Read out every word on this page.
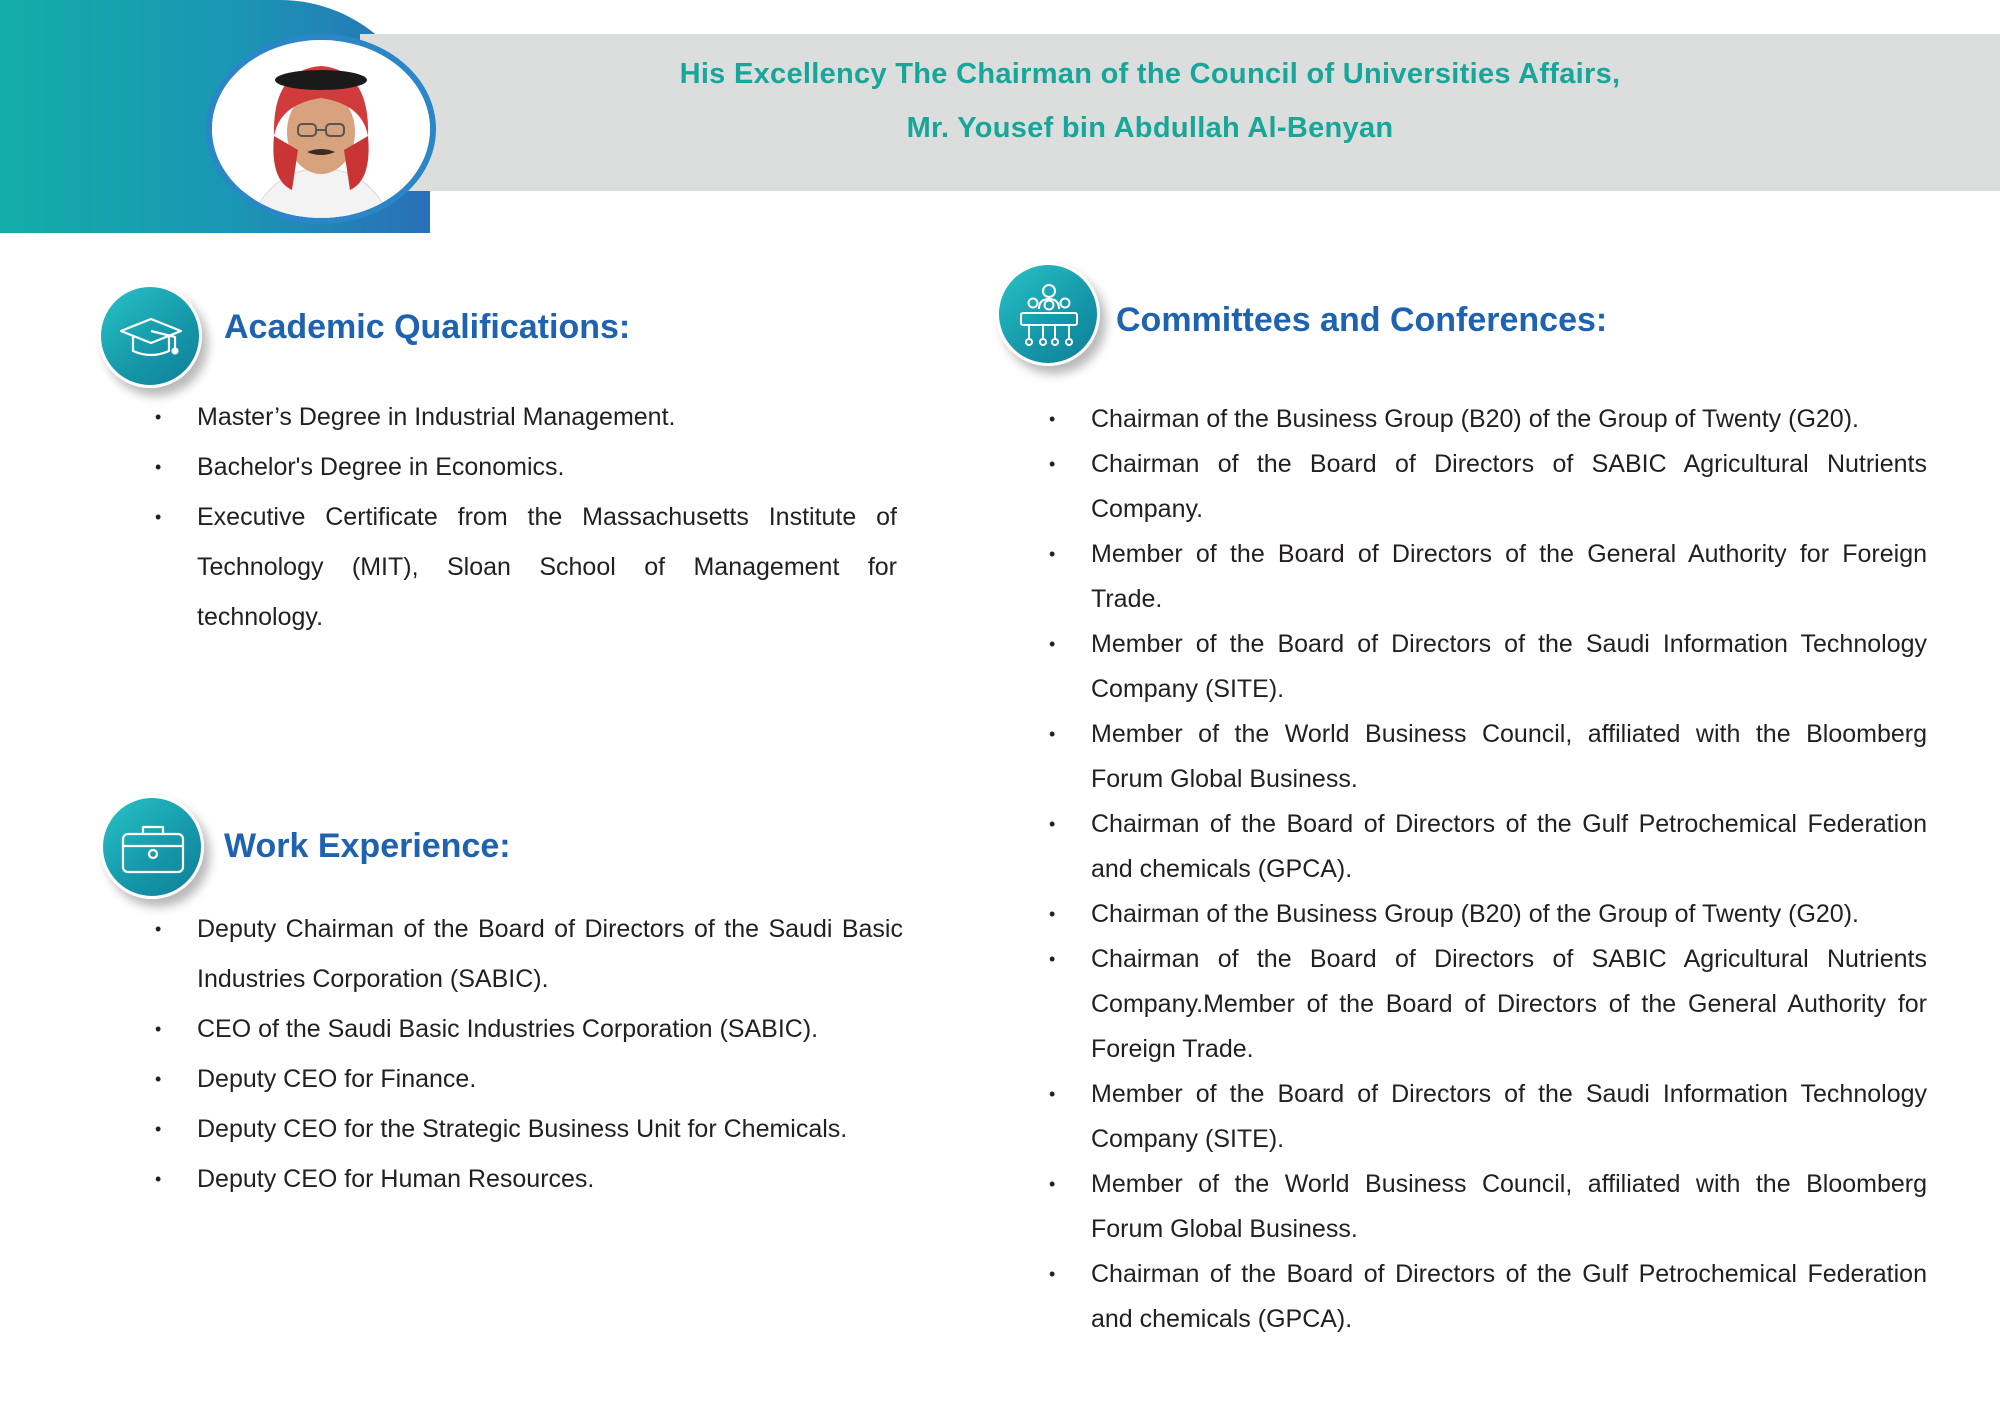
His Excellency The Chairman of the Council of Universities Affairs,
Mr. Yousef bin Abdullah Al-Benyan
Academic Qualifications:
• Master’s Degree in Industrial Management.
• Bachelor's Degree in Economics.
• Executive Certificate from the Massachusetts Institute of Technology (MIT), Sloan School of Management for technology.
Work Experience:
• Deputy Chairman of the Board of Directors of the Saudi Basic Industries Corporation (SABIC).
• CEO of the Saudi Basic Industries Corporation (SABIC).
• Deputy CEO for Finance.
• Deputy CEO for the Strategic Business Unit for Chemicals.
• Deputy CEO for Human Resources.
Committees and Conferences:
• Chairman of the Business Group (B20) of the Group of Twenty (G20).
• Chairman of the Board of Directors of SABIC Agricultural Nutrients Company.
• Member of the Board of Directors of the General Authority for Foreign Trade.
• Member of the Board of Directors of the Saudi Information Technology Company (SITE).
• Member of the World Business Council, affiliated with the Bloomberg Forum Global Business.
• Chairman of the Board of Directors of the Gulf Petrochemical Federation and chemicals (GPCA).
• Chairman of the Business Group (B20) of the Group of Twenty (G20).
• Chairman of the Board of Directors of SABIC Agricultural Nutrients Company.Member of the Board of Directors of the General Authority for Foreign Trade.
• Member of the Board of Directors of the Saudi Information Technology Company (SITE).
• Member of the World Business Council, affiliated with the Bloomberg Forum Global Business.
• Chairman of the Board of Directors of the Gulf Petrochemical Federation and chemicals (GPCA).
